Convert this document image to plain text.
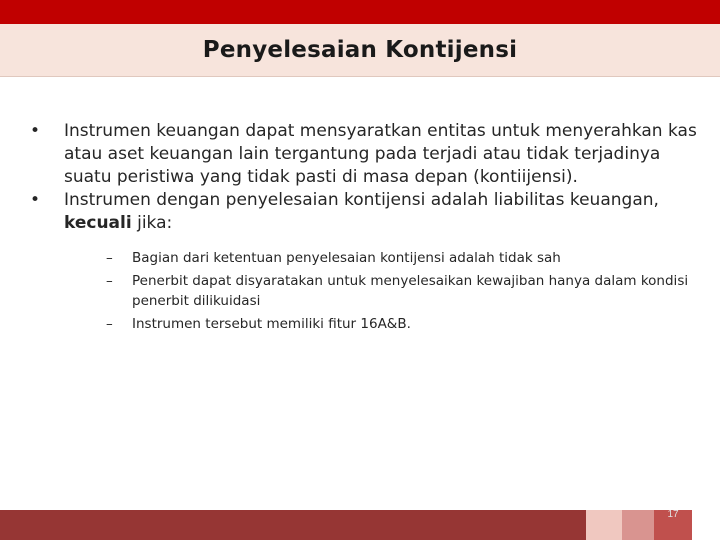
Penyelesaian Kontijensi
•	Instrumen keuangan dapat mensyaratkan entitas untuk menyerahkan kas atau aset keuangan lain tergantung pada terjadi atau tidak terjadinya suatu peristiwa yang tidak pasti di masa depan (kontiijensi).
•	Instrumen dengan penyelesaian kontijensi adalah liabilitas keuangan, kecuali jika:
–	Bagian dari ketentuan penyelesaian kontijensi adalah tidak sah
–	Penerbit dapat disyaratakan untuk menyelesaikan kewajiban hanya dalam kondisi penerbit dilikuidasi
–	Instrumen tersebut memiliki fitur 16A&B.
17
